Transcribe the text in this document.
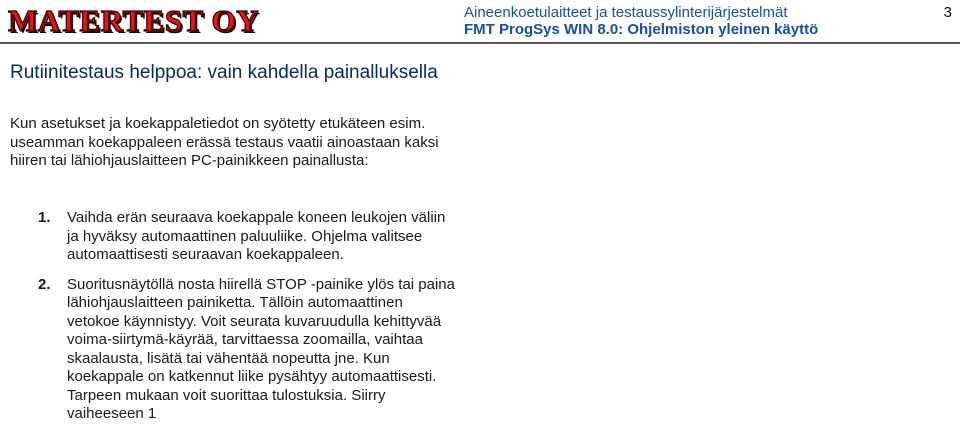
MATERTEST OY	Aineenkoetulaitteet ja testaussylinterijärjestelmät
FMT ProgSys WIN 8.0: Ohjelmiston yleinen käyttö
3
Rutiinitestaus helppoa: vain kahdella painalluksella

Kun asetukset ja koekappaletiedot on syötetty etukäteen esim. useamman koekappaleen erässä testaus vaatii ainoastaan kaksi hiiren tai lähiohjauslaitteen PC-painikkeen painallusta:

1. Vaihda erän seuraava koekappale koneen leukojen väliin ja hyväksy automaattinen paluuliike. Ohjelma valitsee automaattisesti seuraavan koekappaleen.
2. Suoritusnäytöllä nosta hiirellä STOP -painike ylös tai paina lähiohjauslaitteen painiketta. Tällöin automaattinen vetokoe käynnistyy. Voit seurata kuvaruudulla kehittyvää voima-siirtymä-käyrää, tarvittaessa zoomailla, vaihtaa skaalausta, lisätä tai vähentää nopeutta jne. Kun koekappale on katkennut liike pysähtyy automaattisesti. Tarpeen mukaan voit suorittaa tulostuksia. Siirry vaiheeseen 1
